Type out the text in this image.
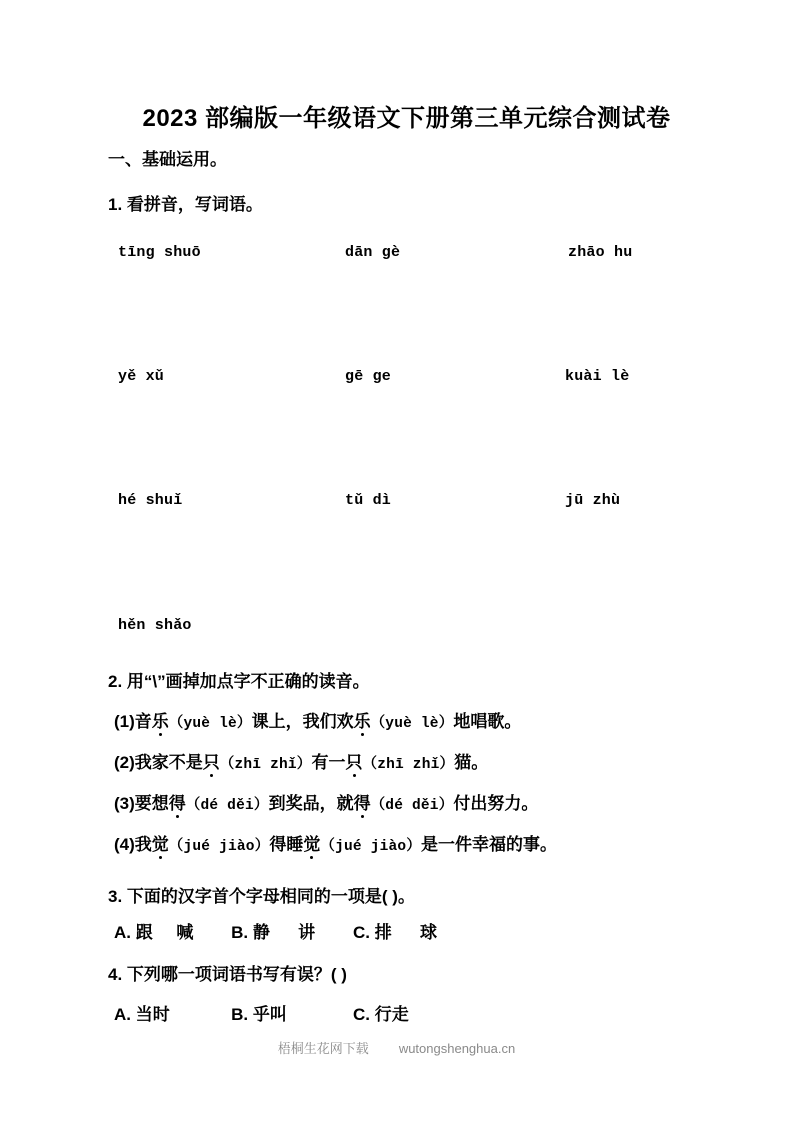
2023 部编版一年级语文下册第三单元综合测试卷
一、基础运用。
1. 看拼音，写词语。
tīng shuō	dān gè	zhāo hu
yě xǔ	gē ge	kuài lè
hé shuǐ	tǔ dì	jū zhù
hěn shǎo
2. 用“\”画掉加点字不正确的读音。
(1)音乐（yuè lè）课上，我们欢乐（yuè lè）地唱歌。
(2)我家不是只（zhī zhǐ）有一只（zhī zhǐ）猫。
(3)要想得（dé děi）到奖品，就得（dé děi）付出努力。
(4)我觉（jué jiào）得睡觉（jué jiào）是一件幸福的事。
3. 下面的汉字首个字母相同的一项是( )。
A. 跟     喊        B. 静      讲        C. 排      球
4. 下列哪一项词语书写有误？( )
A. 当时             B. 乎叫              C. 行走
梧桐生花网下载 wutongshenghua.cn
